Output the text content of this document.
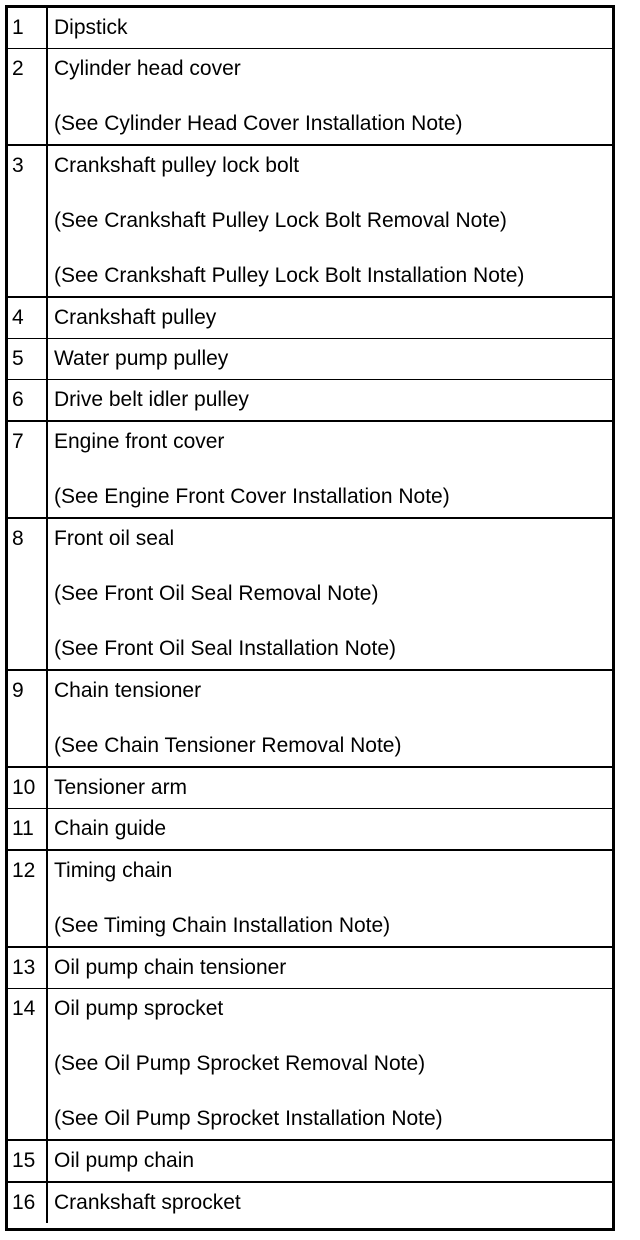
1	Dipstick
2	Cylinder head cover
(See Cylinder Head Cover Installation Note)
3	Crankshaft pulley lock bolt
(See Crankshaft Pulley Lock Bolt Removal Note)
(See Crankshaft Pulley Lock Bolt Installation Note)
4	Crankshaft pulley
5	Water pump pulley
6	Drive belt idler pulley
7	Engine front cover
(See Engine Front Cover Installation Note)
8	Front oil seal
(See Front Oil Seal Removal Note)
(See Front Oil Seal Installation Note)
9	Chain tensioner
(See Chain Tensioner Removal Note)
10 Tensioner arm
11 Chain guide
12 Timing chain
(See Timing Chain Installation Note)
13 Oil pump chain tensioner
14 Oil pump sprocket
(See Oil Pump Sprocket Removal Note)
(See Oil Pump Sprocket Installation Note)
15 Oil pump chain
16 Crankshaft sprocket
